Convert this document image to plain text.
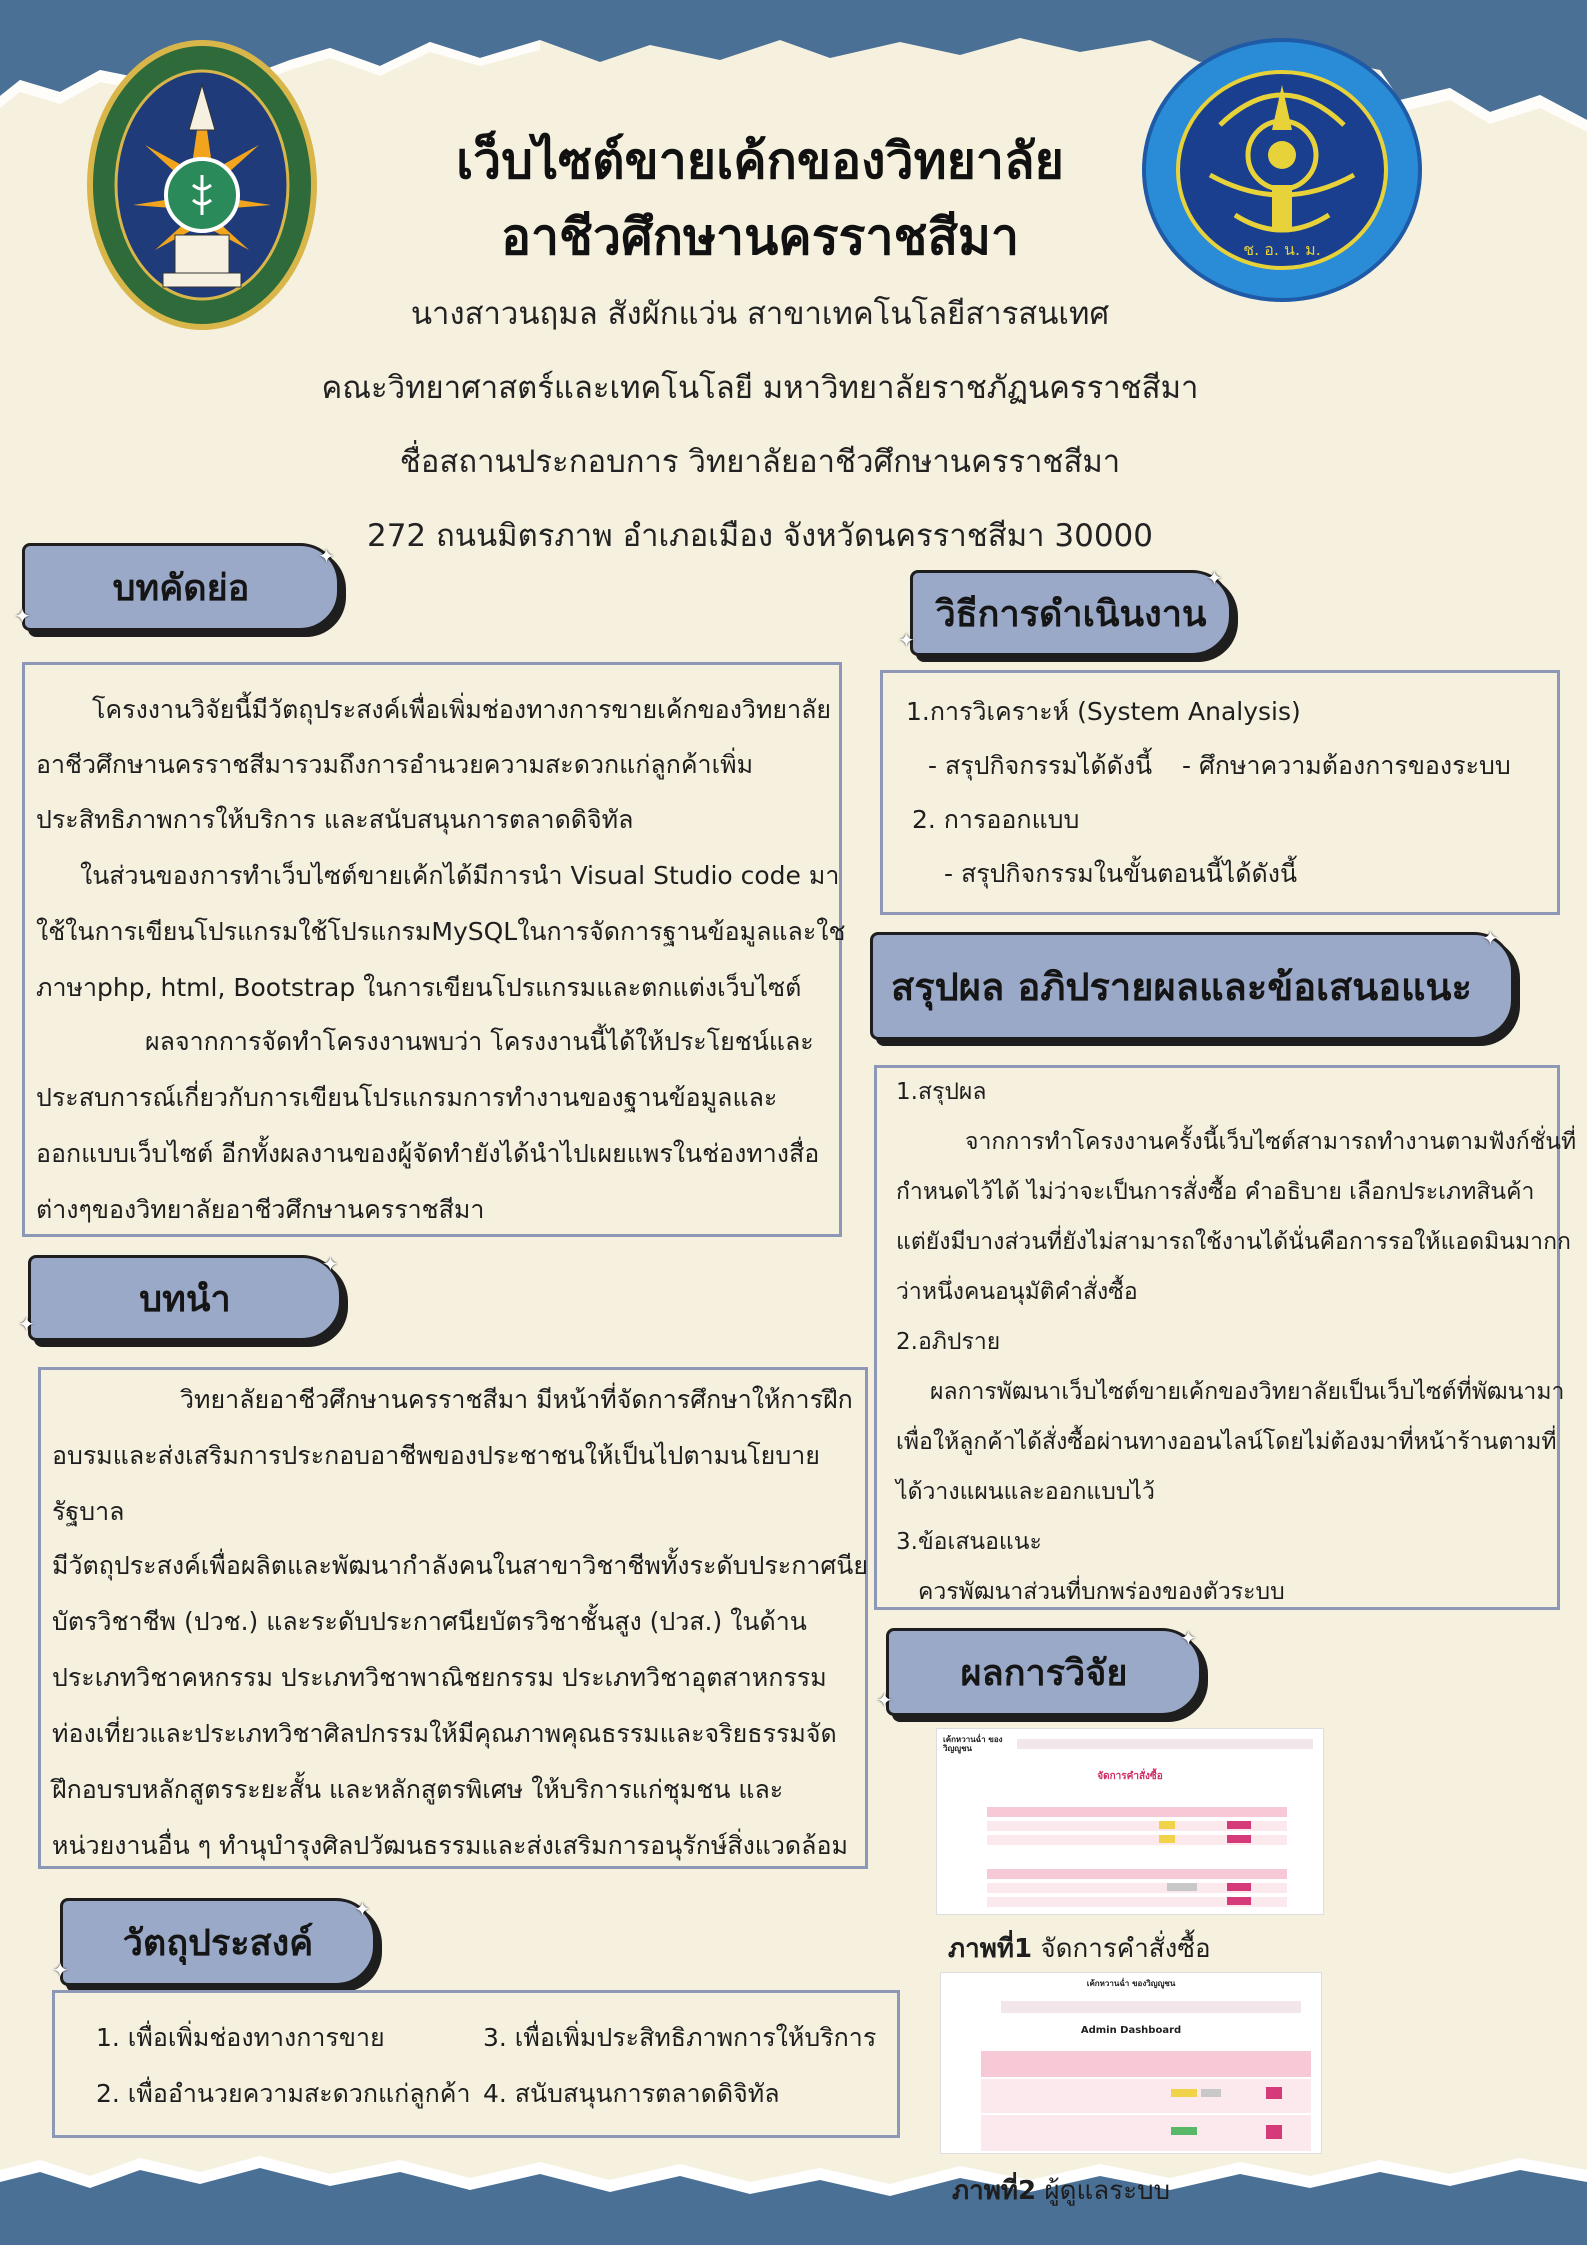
ช. อ. น. ม.
เว็บไซต์ขายเค้กของวิทยาลัย
อาชีวศึกษานครราชสีมา
นางสาวนฤมล สังผักแว่น สาขาเทคโนโลยีสารสนเทศ
คณะวิทยาศาสตร์และเทคโนโลยี มหาวิทยาลัยราชภัฏนครราชสีมา
ชื่อสถานประกอบการ วิทยาลัยอาชีวศึกษานครราชสีมา
272 ถนนมิตรภาพ อำเภอเมือง จังหวัดนครราชสีมา 30000
บทคัดย่อ
✦
✦
โครงงานวิจัยนี้มีวัตถุประสงค์เพื่อเพิ่มช่องทางการขายเค้กของวิทยาลัย
อาชีวศึกษานครราชสีมารวมถึงการอำนวยความสะดวกแก่ลูกค้าเพิ่ม
ประสิทธิภาพการให้บริการ และสนับสนุนการตลาดดิจิทัล
ในส่วนของการทำเว็บไซต์ขายเค้กได้มีการนำ Visual Studio code มา
ใช้ในการเขียนโปรแกรมใช้โปรแกรมMySQLในการจัดการฐานข้อมูลและใช
ภาษาphp, html, Bootstrap ในการเขียนโปรแกรมและตกแต่งเว็บไซต์
ผลจากการจัดทำโครงงานพบว่า โครงงานนี้ได้ให้ประโยชน์และ
ประสบการณ์เกี่ยวกับการเขียนโปรแกรมการทำงานของฐานข้อมูลและ
ออกแบบเว็บไซต์ อีกทั้งผลงานของผู้จัดทำยังได้นำไปเผยแพรในช่องทางสื่อ
ต่างๆของวิทยาลัยอาชีวศึกษานครราชสีมา
บทนำ
✦
✦
วิทยาลัยอาชีวศึกษานครราชสีมา มีหน้าที่จัดการศึกษาให้การฝึก
อบรมและส่งเสริมการประกอบอาชีพของประชาชนให้เป็นไปตามนโยบาย
รัฐบาล
มีวัตถุประสงค์เพื่อผลิตและพัฒนากำลังคนในสาขาวิชาชีพทั้งระดับประกาศนีย
บัตรวิชาชีพ (ปวช.) และระดับประกาศนียบัตรวิชาชั้นสูง (ปวส.) ในด้าน
ประเภทวิชาคหกรรม ประเภทวิชาพาณิชยกรรม ประเภทวิชาอุตสาหกรรม
ท่องเที่ยวและประเภทวิชาศิลปกรรมให้มีคุณภาพคุณธรรมและจริยธรรมจัด
ฝึกอบรบหลักสูตรระยะสั้น และหลักสูตรพิเศษ ให้บริการแก่ชุมชน และ
หน่วยงานอื่น ๆ ทำนุบำรุงศิลปวัฒนธรรมและส่งเสริมการอนุรักษ์สิ่งแวดล้อม
วัตถุประสงค์
✦
✦
1. เพื่อเพิ่มช่องทางการขาย	3. เพื่อเพิ่มประสิทธิภาพการให้บริการ
2. เพื่ออำนวยความสะดวกแก่ลูกค้า 4. สนับสนุนการตลาดดิจิทัล
วิธีการดำเนินงาน
✦
✦
1.การวิเคราะห์ (System Analysis)
- สรุปกิจกรรมได้ดังนี้ - ศึกษาความต้องการของระบบ
2. การออกแบบ
- สรุปกิจกรรมในขั้นตอนนี้ได้ดังนี้
สรุปผล อภิปรายผลและข้อเสนอแนะ
✦
1.สรุปผล
จากการทำโครงงานครั้งนี้เว็บไซต์สามารถทำงานตามฟังก์ชั่นที่
กำหนดไว้ได้ ไม่ว่าจะเป็นการสั่งซื้อ คำอธิบาย เลือกประเภทสินค้า
แต่ยังมีบางส่วนที่ยังไม่สามารถใช้งานได้นั่นคือการรอให้แอดมินมากก
ว่าหนึ่งคนอนุมัติคำสั่งซื้อ
2.อภิปราย
ผลการพัฒนาเว็บไซต์ขายเค้กของวิทยาลัยเป็นเว็บไซต์ที่พัฒนามา
เพื่อให้ลูกค้าได้สั่งซื้อผ่านทางออนไลน์โดยไม่ต้องมาที่หน้าร้านตามที่
ได้วางแผนและออกแบบไว้
3.ข้อเสนอแนะ
ควรพัฒนาส่วนที่บกพร่องของตัวระบบ
ผลการวิจัย
✦
✦
เค้กหวานฉ่ำ ของวิญญูชน
จัดการคำสั่งซื้อ
ภาพที่1 จัดการคำสั่งซื้อ
เค้กหวานฉ่ำ ของวิญญูชน
Admin Dashboard
ภาพที่2 ผู้ดูแลระบบ
